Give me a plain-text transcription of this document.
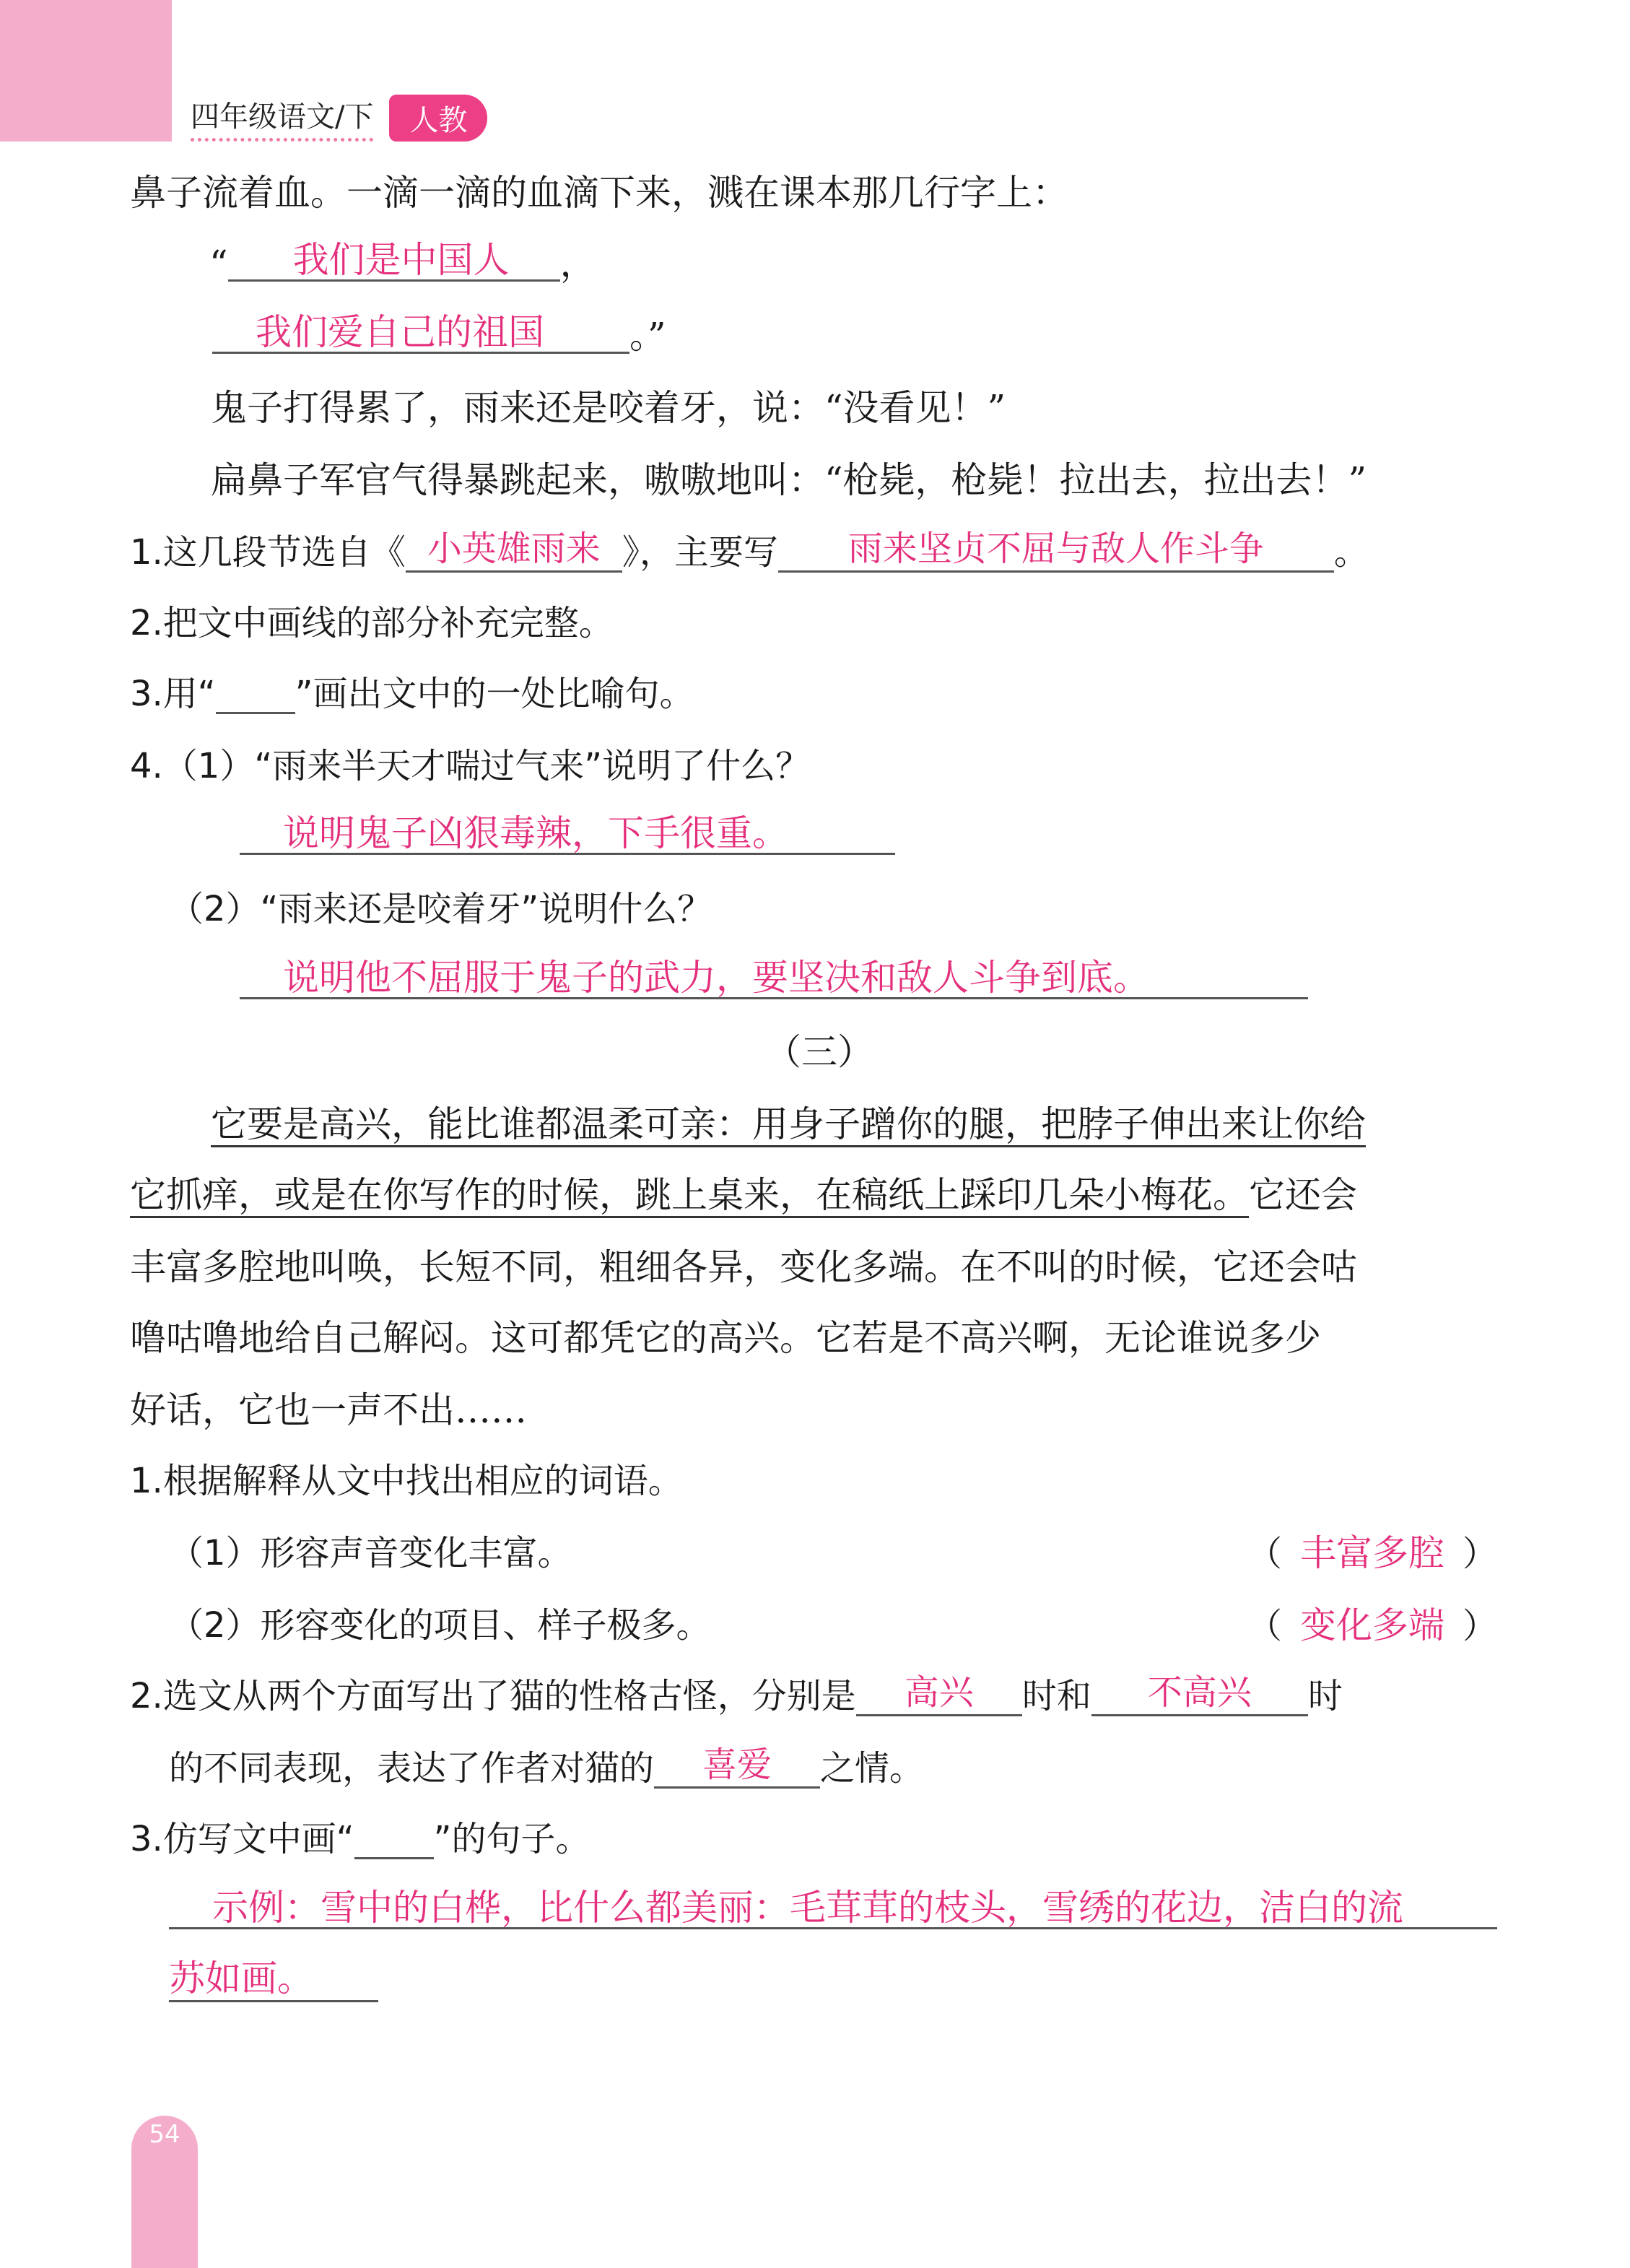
四年级语文/下	人教
鼻子流着血。一滴一滴的血滴下来，溅在课本那几行字上：
“ 我们是中国人 ，
我们爱自己的祖国 。”
鬼子打得累了，雨来还是咬着牙，说：“没看见！”
扁鼻子军官气得暴跳起来，嗷嗷地叫：“枪毙，枪毙！拉出去，拉出去！”
1.这几段节选自《 小英雄雨来 》，主要写 雨来坚贞不屈与敌人作斗争 。
2.把文中画线的部分补充完整。
3.用“ ”画出文中的一处比喻句。
4.（1）“雨来半天才喘过气来”说明了什么？
说明鬼子凶狠毒辣，下手很重。
（2）“雨来还是咬着牙”说明什么？
说明他不屈服于鬼子的武力，要坚决和敌人斗争到底。
（三）
它要是高兴，能比谁都温柔可亲：用身子蹭你的腿，把脖子伸出来让你给
它抓痒，或是在你写作的时候，跳上桌来，在稿纸上踩印几朵小梅花。它还会
丰富多腔地叫唤，长短不同，粗细各异，变化多端。在不叫的时候，它还会咕
噜咕噜地给自己解闷。这可都凭它的高兴。它若是不高兴啊，无论谁说多少
好话，它也一声不出……
1.根据解释从文中找出相应的词语。
（1）形容声音变化丰富。	（ 丰富多腔 ）
（2）形容变化的项目、样子极多。	（ 变化多端 ）
2.选文从两个方面写出了猫的性格古怪，分别是 高兴 时和 不高兴 时
的不同表现，表达了作者对猫的 喜爱 之情。
3.仿写文中画“ ”的句子。
示例：雪中的白桦，比什么都美丽：毛茸茸的枝头，雪绣的花边，洁白的流
苏如画。
54
